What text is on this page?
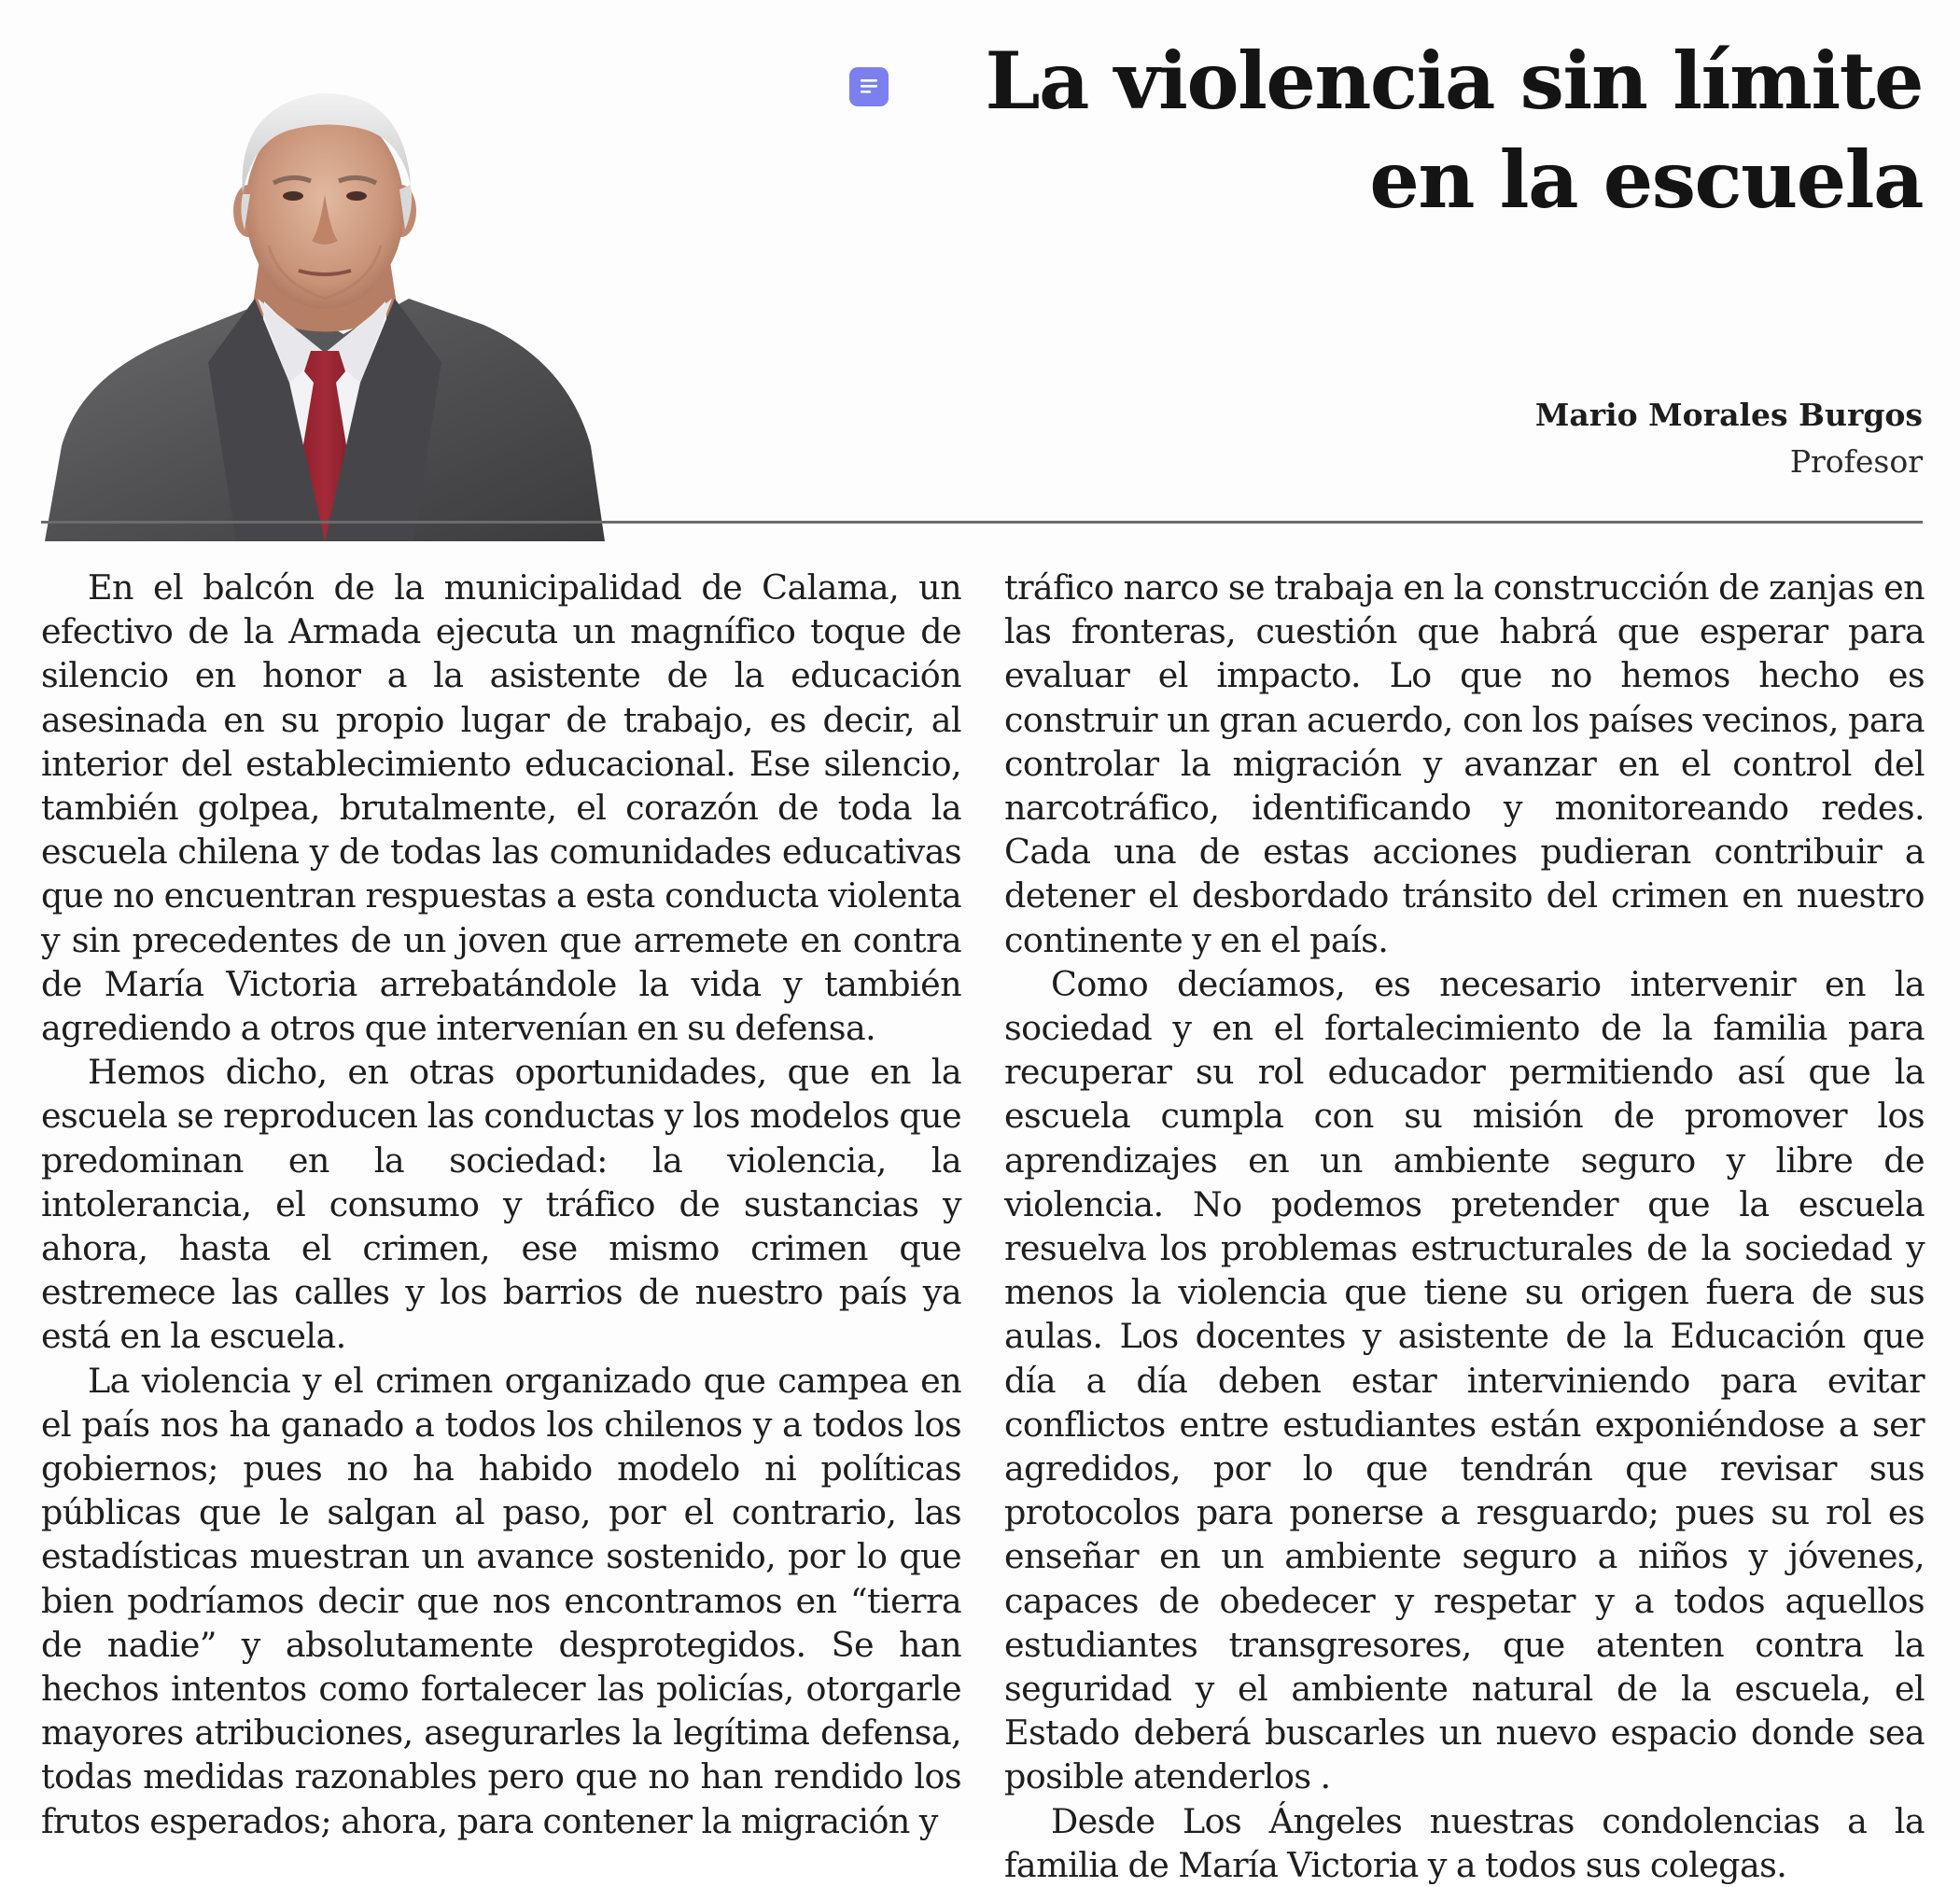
La violencia sin límite
en la escuela
Mario Morales Burgos
Profesor

En el balcón de la municipalidad de Calama, un efectivo de la Armada ejecuta un magnífico toque de silencio en honor a la asistente de la educación asesinada en su propio lugar de trabajo, es decir, al interior del establecimiento educacional. Ese silencio, también golpea, brutalmente, el corazón de toda la escuela chilena y de todas las comunidades educativas que no encuentran respuestas a esta conducta violenta y sin precedentes de un joven que arremete en contra de María Victoria arrebatándole la vida y también agrediendo a otros que intervenían en su defensa.

Hemos dicho, en otras oportunidades, que en la escuela se reproducen las conductas y los modelos que predominan en la sociedad: la violencia, la intolerancia, el consumo y tráfico de sustancias y ahora, hasta el crimen, ese mismo crimen que estremece las calles y los barrios de nuestro país ya está en la escuela.

La violencia y el crimen organizado que campea en el país nos ha ganado a todos los chilenos y a todos los gobiernos; pues no ha habido modelo ni políticas públicas que le salgan al paso, por el contrario, las estadísticas muestran un avance sostenido, por lo que bien podríamos decir que nos encontramos en “tierra de nadie” y absolutamente desprotegidos. Se han hechos intentos como fortalecer las policías, otorgarle mayores atribuciones, asegurarles la legítima defensa, todas medidas razonables pero que no han rendido los frutos esperados; ahora, para contener la migración y

tráfico narco se trabaja en la construcción de zanjas en las fronteras, cuestión que habrá que esperar para evaluar el impacto. Lo que no hemos hecho es construir un gran acuerdo, con los países vecinos, para controlar la migración y avanzar en el control del narcotráfico, identificando y monitoreando redes. Cada una de estas acciones pudieran contribuir a detener el desbordado tránsito del crimen en nuestro continente y en el país.

Como decíamos, es necesario intervenir en la sociedad y en el fortalecimiento de la familia para recuperar su rol educador permitiendo así que la escuela cumpla con su misión de promover los aprendizajes en un ambiente seguro y libre de violencia. No podemos pretender que la escuela resuelva los problemas estructurales de la sociedad y menos la violencia que tiene su origen fuera de sus aulas. Los docentes y asistente de la Educación que día a día deben estar interviniendo para evitar conflictos entre estudiantes están exponiéndose a ser agredidos, por lo que tendrán que revisar sus protocolos para ponerse a resguardo; pues su rol es enseñar en un ambiente seguro a niños y jóvenes, capaces de obedecer y respetar y a todos aquellos estudiantes transgresores, que atenten contra la seguridad y el ambiente natural de la escuela, el Estado deberá buscarles un nuevo espacio donde sea posible atenderlos .

Desde Los Ángeles nuestras condolencias a la familia de María Victoria y a todos sus colegas.
